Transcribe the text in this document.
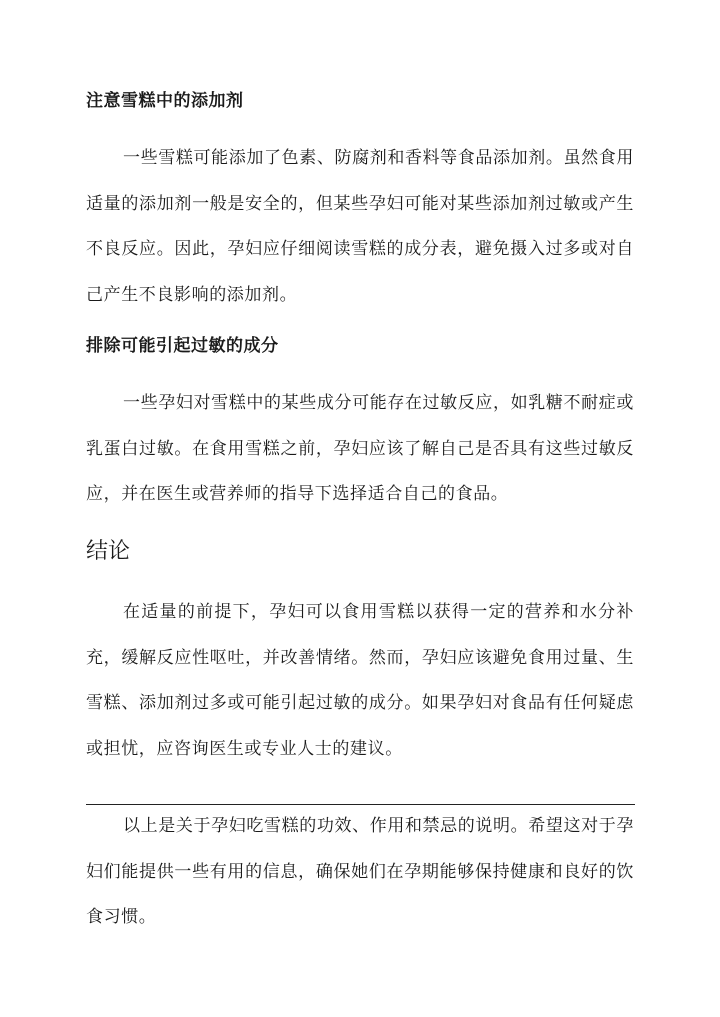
注意雪糕中的添加剂

一些雪糕可能添加了色素、防腐剂和香料等食品添加剂。虽然食用适量的添加剂一般是安全的，但某些孕妇可能对某些添加剂过敏或产生不良反应。因此，孕妇应仔细阅读雪糕的成分表，避免摄入过多或对自己产生不良影响的添加剂。

排除可能引起过敏的成分

一些孕妇对雪糕中的某些成分可能存在过敏反应，如乳糖不耐症或乳蛋白过敏。在食用雪糕之前，孕妇应该了解自己是否具有这些过敏反应，并在医生或营养师的指导下选择适合自己的食品。

结论

在适量的前提下，孕妇可以食用雪糕以获得一定的营养和水分补充，缓解反应性呕吐，并改善情绪。然而，孕妇应该避免食用过量、生雪糕、添加剂过多或可能引起过敏的成分。如果孕妇对食品有任何疑虑或担忧，应咨询医生或专业人士的建议。

以上是关于孕妇吃雪糕的功效、作用和禁忌的说明。希望这对于孕妇们能提供一些有用的信息，确保她们在孕期能够保持健康和良好的饮食习惯。
